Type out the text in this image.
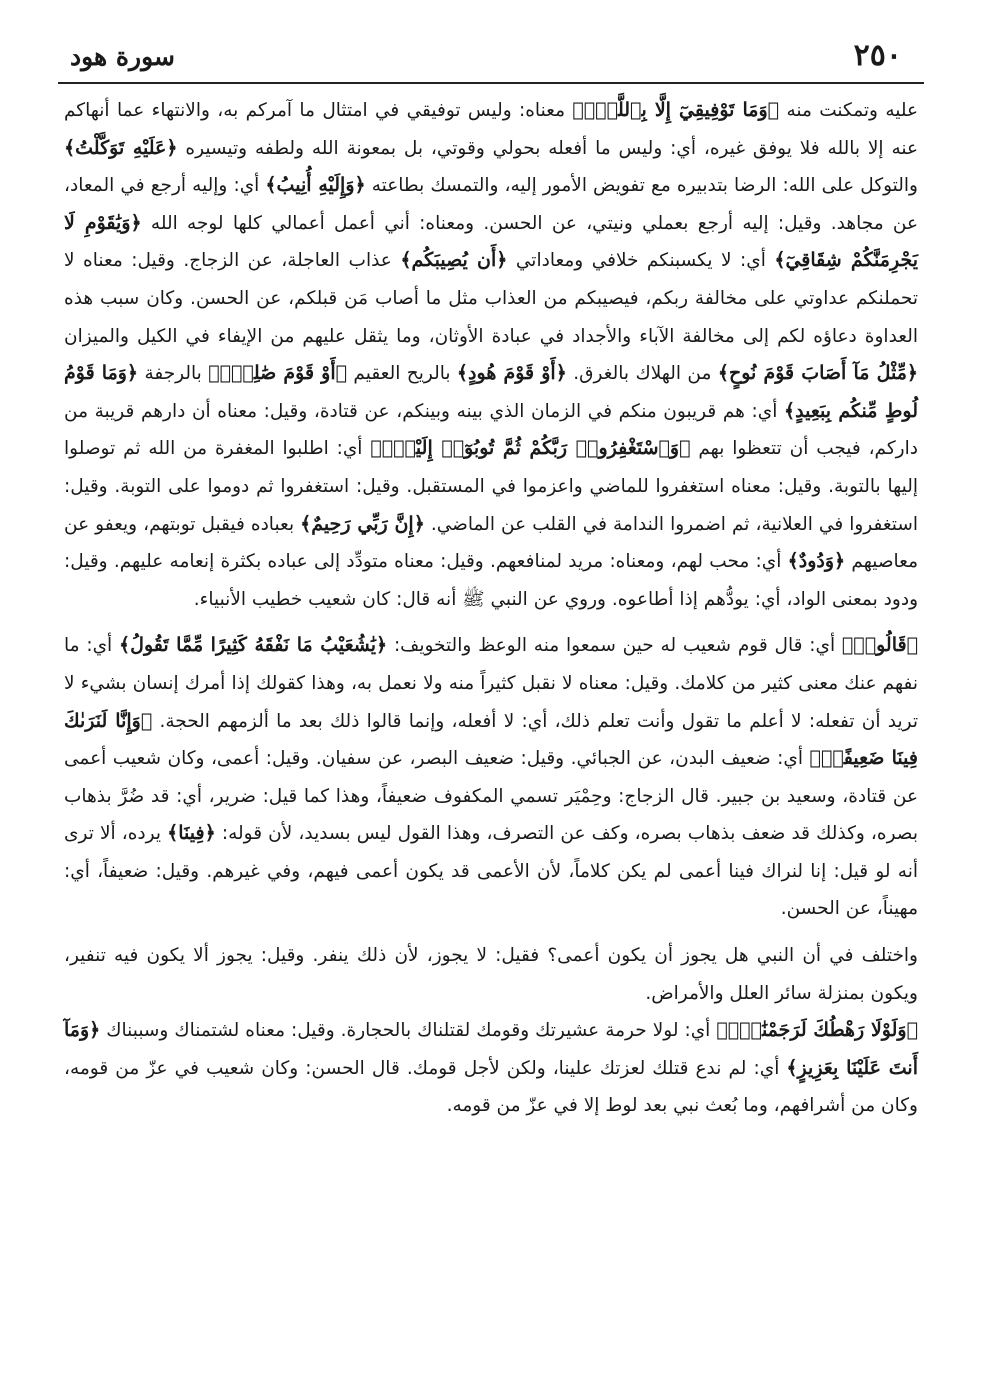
٢٥٠
سورة هود

عليه وتمكنت منه ﴿وَمَا تَوْفِيقِيٓ إِلَّا بِٱللَّهِۚ﴾ معناه: وليس توفيقي في امتثال ما آمركم به، والانتهاء عما أنهاكم عنه إلا بالله فلا يوفق غيره، أي: وليس ما أفعله بحولي وقوتي، بل بمعونة الله ولطفه وتيسيره ﴿عَلَيْهِ تَوَكَّلْتُ﴾ والتوكل على الله: الرضا بتدبيره مع تفويض الأمور إليه، والتمسك بطاعته ﴿وَإِلَيْهِ أُنِيبُ﴾ أي: وإليه أرجع في المعاد، عن مجاهد. وقيل: إليه أرجع بعملي ونيتي، عن الحسن. ومعناه: أني أعمل أعمالي كلها لوجه الله ﴿وَيَٰقَوْمِ لَا يَجْرِمَنَّكُمْ شِقَاقِيٓ﴾ أي: لا يكسبنكم خلافي ومعاداتي ﴿أَن يُصِيبَكُم﴾ عذاب العاجلة، عن الزجاج. وقيل: معناه لا تحملنكم عداوتي على مخالفة ربكم، فيصيبكم من العذاب مثل ما أصاب مَن قبلكم، عن الحسن. وكان سبب هذه العداوة دعاؤه لكم إلى مخالفة الآباء والأجداد في عبادة الأوثان، وما يثقل عليهم من الإيفاء في الكيل والميزان ﴿مِّثْلُ مَآ أَصَابَ قَوْمَ نُوحٍ﴾ من الهلاك بالغرق. ﴿أَوْ قَوْمَ هُودٍ﴾ بالريح العقيم ﴿أَوْ قَوْمَ صَٰلِحٍۚ﴾ بالرجفة ﴿وَمَا قَوْمُ لُوطٍ مِّنكُم بِبَعِيدٍ﴾ أي: هم قريبون منكم في الزمان الذي بينه وبينكم، عن قتادة، وقيل: معناه أن دارهم قريبة من داركم، فيجب أن تتعظوا بهم ﴿وَٱسْتَغْفِرُوا۟ رَبَّكُمْ ثُمَّ تُوبُوٓا۟ إِلَيْهِۚ﴾ أي: اطلبوا المغفرة من الله ثم توصلوا إليها بالتوبة. وقيل: معناه استغفروا للماضي واعزموا في المستقبل. وقيل: استغفروا ثم دوموا على التوبة. وقيل: استغفروا في العلانية، ثم اضمروا الندامة في القلب عن الماضي. ﴿إِنَّ رَبِّي رَحِيمٌ﴾ بعباده فيقبل توبتهم، ويعفو عن معاصيهم ﴿وَدُودٌ﴾ أي: محب لهم، ومعناه: مريد لمنافعهم. وقيل: معناه متودِّد إلى عباده بكثرة إنعامه عليهم. وقيل: ودود بمعنى الواد، أي: يودُّهم إذا أطاعوه. وروي عن النبي ﷺ أنه قال: كان شعيب خطيب الأنبياء.

﴿قَالُوا۟﴾ أي: قال قوم شعيب له حين سمعوا منه الوعظ والتخويف: ﴿يَٰشُعَيْبُ مَا نَفْقَهُ كَثِيرًا مِّمَّا تَقُولُ﴾ أي: ما نفهم عنك معنى كثير من كلامك. وقيل: معناه لا نقبل كثيراً منه ولا نعمل به، وهذا كقولك إذا أمرك إنسان بشيء لا تريد أن تفعله: لا أعلم ما تقول وأنت تعلم ذلك، أي: لا أفعله، وإنما قالوا ذلك بعد ما ألزمهم الحجة. ﴿وَإِنَّا لَنَرَىٰكَ فِينَا ضَعِيفًاۖ﴾ أي: ضعيف البدن، عن الجبائي. وقيل: ضعيف البصر، عن سفيان. وقيل: أعمى، وكان شعيب أعمى عن قتادة، وسعيد بن جبير. قال الزجاج: وحِمْيَر تسمي المكفوف ضعيفاً، وهذا كما قيل: ضرير، أي: قد ضُرَّ بذهاب بصره، وكذلك قد ضعف بذهاب بصره، وكف عن التصرف، وهذا القول ليس بسديد، لأن قوله: ﴿فِينَا﴾ يرده، ألا ترى أنه لو قيل: إنا لنراك فينا أعمى لم يكن كلاماً، لأن الأعمى قد يكون أعمى فيهم، وفي غيرهم. وقيل: ضعيفاً، أي: مهيناً، عن الحسن.

واختلف في أن النبي هل يجوز أن يكون أعمى؟ فقيل: لا يجوز، لأن ذلك ينفر. وقيل: يجوز ألا يكون فيه تنفير، ويكون بمنزلة سائر العلل والأمراض.

﴿وَلَوْلَا رَهْطُكَ لَرَجَمْنَٰكَۖ﴾ أي: لولا حرمة عشيرتك وقومك لقتلناك بالحجارة. وقيل: معناه لشتمناك وسببناك ﴿وَمَآ أَنتَ عَلَيْنَا بِعَزِيزٍ﴾ أي: لم ندع قتلك لعزتك علينا، ولكن لأجل قومك. قال الحسن: وكان شعيب في عزّ من قومه، وكان من أشرافهم، وما بُعث نبي بعد لوط إلا في عزّ من قومه.
